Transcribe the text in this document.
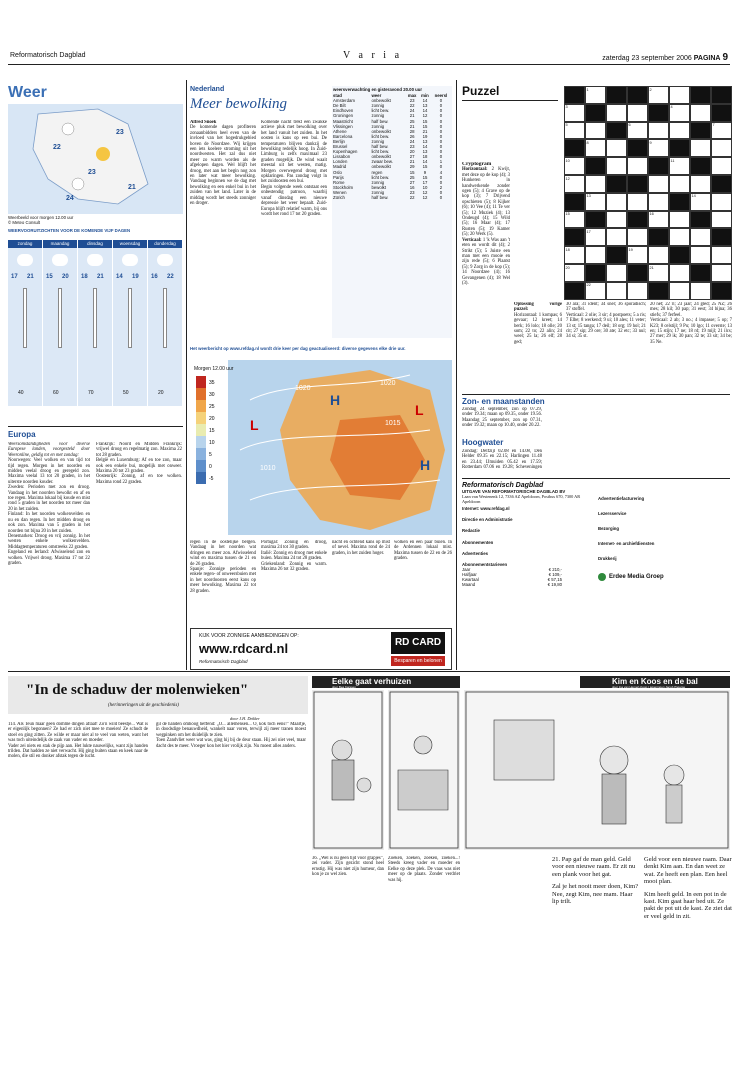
Reformatorisch Dagblad	V a r i a	zaterdag 23 september 2006 PAGINA 9
Weer
22
23
23
21
24
Weerbeeld voor morgen 12.00 uur
© Meteo Consult
WEERVOORUITZICHTEN VOOR DE KOMENDE VIJF DAGEN
zondag
17 21
40
maandag
15 20
60
dinsdag
18 21
70
woensdag
14 19
50
donderdag
16 22
20
Europa

Weersomstandigheden voor diverse Europese landen, voorgesteld door Weeronline, geldig tot en met zondag:

Noorwegen: Veel wolken en van tijd tot tijd regen. Morgen in het noorden en midden veelal droog en geregeld zon. Maxima veelal 13 tot 20 graden, in het uiterste noorden kouder.

Zweden: Perioden met zon en droog. Vandaag in het noorden bewolkt en af en toe regen. Maxima lokaal bij koude en mist rond 5 graden in het noorden tot meer dan 20 in het zuiden.

Finland: In het noorden wolkenvelden en nu en dan regen. In het midden droog en ook zon. Maxima van 5 graden in het noorden tot bijna 20 in het zuiden.

Denemarken: Droog en vrij zonnig. In het westen enkele wolkenvelden. Middagtemperaturen omstreeks 22 graden.

Engeland en Ierland: Afwisselend zon en wolken. Vrijwel droog. Maxima 17 tot 22 graden.

Frankrijk: Noord en Midden Frankrijk: vrijwel droog en regelmatig zon. Maxima 22 tot 28 graden.

België en Luxemburg: Af en toe zon, maar ook een enkele bui, mogelijk met onweer. Maxima 20 tot 23 graden.

Oostenrijk: Zonnig, af en toe wolken. Maxima rond 22 graden.

Nederland
Meer bewolking

Alfred Snoek

De komende dagen profiteren zonaanbidders heel even van de invloed van het hogedrukgebied boven de Noordzee. Wij krijgen een iets koelere stroming uit het noordwesten. Het zal dus niet meer zo warm worden als de afgelopen dagen. Wel blijft het droog, met aan het begin nog zon en later wat meer bewolking. Vandaag beginnen we de dag met bewolking en een enkel bui in het zuiden van het land. Later in de middag wordt het steeds zonniger en droger.

Komende nacht trekt een zwakke actieve pluk met bewolking over het land vanuit het zuiden. In het oosten is kans op een bui. De temperaturen blijven dankzij de bewolking redelijk hoog. In Zuid-Limburg is zelfs maximaal 23 graden mogelijk. De wind waait meestal uit het westen, matig. Morgen overwegend droog met opklaringen. Pas zondag volgt in het zuidoosten een bui.

Begin volgende week ontstaat een onbestendig patroon, waarbij vanaf dinsdag een nieuwe depressie het weer bepaalt. Zuid-Europa blijft relatief warm, bij ons wordt het rond 17 tot 20 graden.

weersverwachting en gisteravond 20.00 uur
stad	weer	max	min	neersl
Amsterdam	onbewolkt	23	14	0
De Bilt	zonnig	22	13	0
Eindhoven	licht bew.	24	14	0
Groningen	zonnig	21	12	0
Maastricht	half bew.	25	15	0
Vlissingen	zonnig	21	15	0
Athene	onbewolkt	28	21	0
Barcelona	licht bew.	26	19	0
Berlijn	zonnig	24	13	0
Brussel	half bew.	23	14	0
Kopenhagen	licht bew.	20	13	0
Lissabon	onbewolkt	27	18	0
Londen	zwaar bew.	21	14	1
Madrid	onbewolkt	29	15	0
Oslo	regen	15	9	4
Parijs	licht bew.	25	15	0
Rome	zonnig	27	17	0
Stockholm	bewolkt	16	10	2
Wenen	zonnig	23	12	0
Zürich	half bew.	22	12	0
Het weerbericht op www.refdag.nl wordt drie keer per dag geactualiseerd: diverse gegevens elke drie uur.
1020
1020
1015
1010
H
L
L
H
Morgen 12.00 uur
35
30
25
20
15
10
5
0
-5

regen in de oostelijke bergen. Vandaag in het noorden wat dringen en meer zon. Afwisselend wind en maxima tussen de 21 en de 26 graden.

Spanje: Zonnige perioden en enkele regen- of onweersbuien met in het noordoosten eerst kans op meer bewolking. Maxima 22 tot 28 graden.

Portugal: Zonnig en droog, maxima 24 tot 30 graden.

Italië: Zonnig en droog met enkele buien. Maxima 24 tot 28 graden.

Griekenland: Zonnig en warm. Maxima 26 tot 32 graden.

nacht en ochtend kans op mist of nevel. Maxima rond de 24 graden, in het zuiden hoger.

wolken en een paar buien. In de Ardennen lokaal mist. Maxima tussen de 22 en de 26 graden.

KIJK VOOR ZONNIGE AANBIEDINGEN OP:
www.rdcard.nl
Reformatorisch Dagblad
RD CARD
Besparen en belonen
Puzzel	1	2
3	4
5	6	7
8	9
10	11
12
13	14
15	16
17
18	19
20	21
22

Cryptogram

Horizontaal: 2 Kwijt, met deze op de kop (4); 3 Hunkeren in handwerkende zonder ogen (5); 4 Grave op de kop (3); 7 Drijvend opschieten (5); 8 Kijker (6); 10 Vee (4); 11 Te ver (5); 12 Muziek (4); 13 Ondeugd (4); 15 Wild (5); 16 Maar (4); 17 Rusten (5); 19 Kamer (5); 20 Werk (5).

Verticaal: 1 'k Was aan 't eten en wordt dit (4); 2 Strikt (5); 5 Juiste een man met een mooie en zijn rede (5); 6 Plaatst (5); 9 Zorg in de kop (5); 14 Noordzee (4); 16 Gevangenen (4); 18 Wel (3).

Oplossing vorige puzzel:

Horizontaal: 1 kompas; 6 gevaar; 12 kreet; 14 berk; 16 lolo; 18 olle; 20 som; 22 to; 22 alin; 24 weel; 25 la; 26 elf; 28 ged;

30 ara; 31 ident; 34 snel; 36 sporadisch; 37 stoffel.

Verticaal: 2 olie; 3 sir; 4 postpoets; 5 a ris; 7 Elbe; 8 werkend; 9 ui; 10 ales; 11 veter; 13 st; 15 tanga; 17 deil; 18 org; 19 hol; 21 cit; 27 sip; 29 ore; 30 ate; 32 etc; 33 nul; 34 si; 35 st.

20 net; 22 ri; 23 jaar; 24 gled; 25 NZ; 26 mes; 28 kil; 30 pap; 31 eest; 34 bijna; 36 stiefs; 37 ferfeel.

Verticaal: 2 ab; 3 no.; 4 impasse; 5 op; 7 K23; 8 celstijl; 9 Pu; 10 lgo; 11 overste; 13 en; 15 stijn; 17 ne; 18 rd; 19 mijl; 21 ilcs; 27 mer; 29 ik; 30 pan; 32 te; 33 sit; 34 be; 35 Ne.

Zon- en maanstanden
Zondag 24 september, zon op 07.29, onder 19.34; maan op 09.35, onder 19.56. Maandag 25 september, zon op 07.31, onder 19.32; maan op 10.40, onder 20.22.
Hoogwater
Zondag: Delfzijl 02.08 en 14.08, Den Helder 09.35 en 22.15; Harlingen 11.48 en 23.44; IJmuiden 05.42 en 17.59; Rotterdam 07.06 en 19.28; Scheveningen
Reformatorisch Dagblad
UITGAVE VAN REFORMATORISCHE DAGBLAD BV
Laan van Westenenk 12, 7336 AZ Apeldoorn, Postbus 670, 7300 AR Apeldoorn
Internet: www.refdag.nl
Directie en Administratie
Redactie
Abonnementen
Advertenties
Abonnementstarieven
Jaar	€ 210,-
Halfjaar	€ 109,-
Kwartaal	€ 57,15
Maand	€ 19,80
Advertentiefacturering
Lezersservice
Bezorging
Internet- en archiefdiensten
Drukkerij
Erdee Media Groep
"In de schaduw der molenwieken"
(herinneringen uit de geschiedenis)
door J.H. Dekker

114. Als Teun maar geen domme dingen aflaat! Zo'n wild beestje... Wat is er eigenlijk begonnen? Ze had er zich niet mee te moeien! Ze schudt de stoel en ging zitten. Ze wilde er maar niet al te veel van weten, want het was toch uiteindelijk de zaak van vader en moeder.

Vader zei niets en stak de pijp aan. Het lukte nauwelijks, want zijn handen trilden. Dat hadden ze niet verwacht. Hij ging buiten staan en keek naar de molen, die stil en donker afstak tegen de lucht.

gil de handen omhoog heffend: „O... allemensen... O, kok toch eens!” Maartje, in doodsdige benauwdheid, wankelt naar voren, terwijl zij meer tranen moest wegpinken om het duidelijk te zien.

Toen Zandvliet weer wat was, ging hij bij de deur staan. Hij zei niet veel, maar dacht des te meer. Vroeger kon het hier vrolijk zijn. Nu moest alles anders.

Eelke gaat verhuizen
door Bea Karssen
36. „Wel is nu geen tijd voor grapjes”, zei vader. Zijn gezicht stond heel ernstig. Hij was niet zijn humeur, dan kon je zo wel zien.
Zoeken, zoeken, zoeken, zoeken...! Steeds kreeg vader en moeder en Eelke op deze plek. De vaas was niet meer op de plaats. Zonder verdriet was hij.
Kim en Koos en de bal
door Ina van Hemert-Koop / tekeningen Jacob Pieterse

21. Pap gaf de man geld. Geld voor een nieuwe raam. Er zit nu een plank voor het gat.

Zal je het nooit meer doen, Kim? Nee, zegt Kim, nee mam. Haar lip trilt.

Geld voor een nieuwe raam. Daar denkt Kim aan. En dan weet ze wat. Ze heeft een plan. Een heel mooi plan.

Kim heeft geld. In een pot in de kast. Kim gaat haar bed uit. Ze pakt de pot uit de kast. Ze ziet dat er veel geld in zit.
